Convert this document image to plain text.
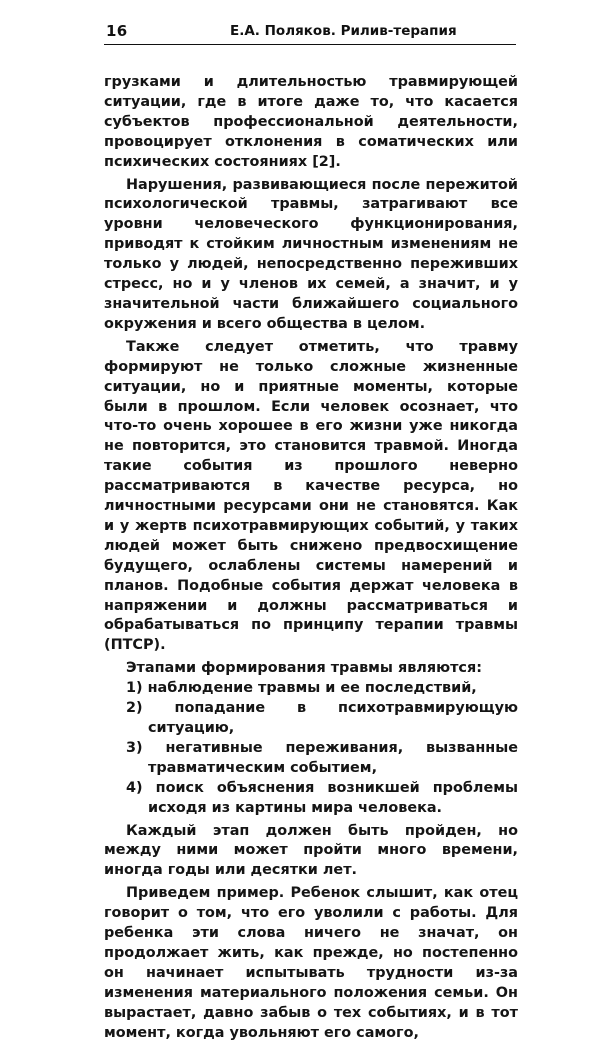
16	Е.А. Поляков. Рилив-терапия

грузками и длительностью травмирующей ситуации, где в итоге даже то, что касается субъектов профессиональной деятельности, провоцирует отклонения в соматических или психических состояниях [2].

Нарушения, развивающиеся после пережитой психологической травмы, затрагивают все уровни человеческого функционирования, приводят к стойким личностным изменениям не только у людей, непосредственно переживших стресс, но и у членов их семей, а значит, и у значительной части ближайшего социального окружения и всего общества в целом.

Также следует отметить, что травму формируют не только сложные жизненные ситуации, но и приятные моменты, которые были в прошлом. Если человек осознает, что что-то очень хорошее в его жизни уже никогда не повторится, это становится травмой. Иногда такие события из прошлого неверно рассматриваются в качестве ресурса, но личностными ресурсами они не становятся. Как и у жертв психотравмирующих событий, у таких людей может быть снижено предвосхищение будущего, ослаблены системы намерений и планов. Подобные события держат человека в напряжении и должны рассматриваться и обрабатываться по принципу терапии травмы (ПТСР).

Этапами формирования травмы являются:

1) наблюдение травмы и ее последствий,
2) попадание в психотравмирующую ситуацию,
3) негативные переживания, вызванные травматическим событием,
4) поиск объяснения возникшей проблемы исходя из картины мира человека.

Каждый этап должен быть пройден, но между ними может пройти много времени, иногда годы или десятки лет.

Приведем пример. Ребенок слышит, как отец говорит о том, что его уволили с работы. Для ребенка эти слова ничего не значат, он продолжает жить, как прежде, но постепенно он начинает испытывать трудности из-за изменения материального положения семьи. Он вырастает, давно забыв о тех событиях, и в тот момент, когда увольняют его самого,
